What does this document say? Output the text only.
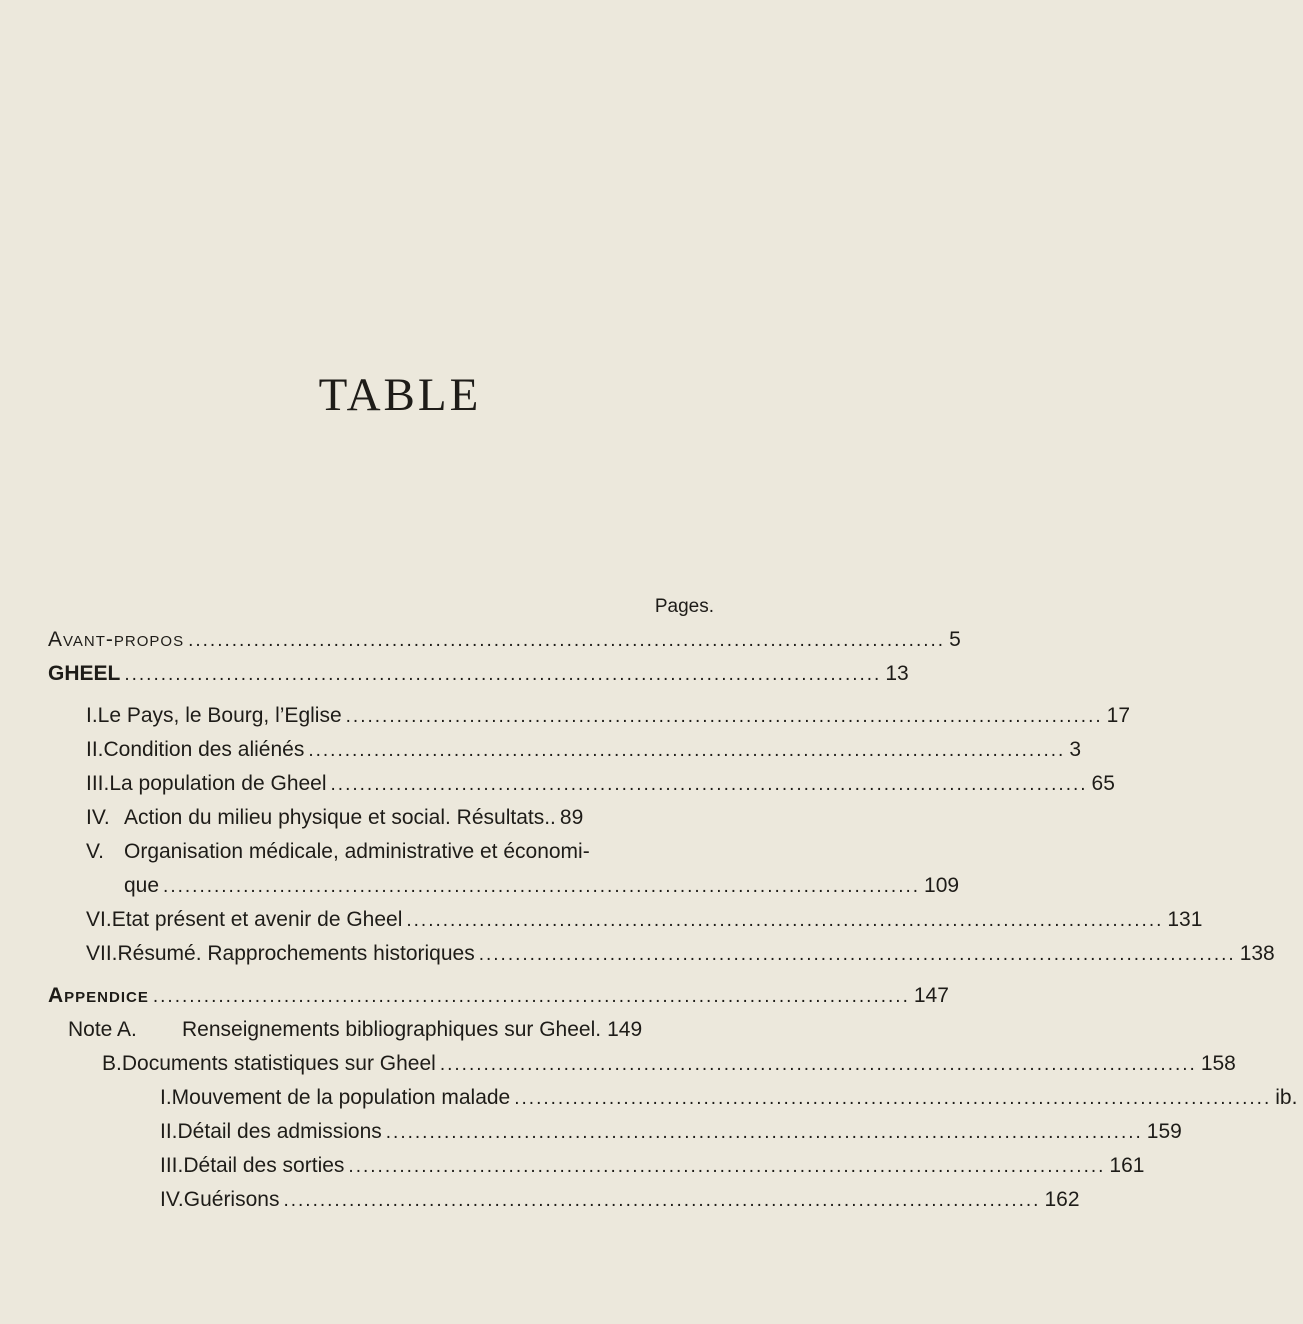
TABLE
Pages.
Avant-propos ........................................................................................................ 5
GHEEL ........................................................................................................ 13
I. Le Pays, le Bourg, l’Eglise ........................................................................................................ 17
II. Condition des aliénés ........................................................................................................ 3
III. La population de Gheel ........................................................................................................ 65
IV. Action du milieu physique et social. Résultats.. 89
V. Organisation médicale, administrative et économi-
que ........................................................................................................ 109
VI. Etat présent et avenir de Gheel ........................................................................................................ 131
VII. Résumé. Rapprochements historiques ........................................................................................................ 138
Appendice ........................................................................................................ 147
Note A.	Renseignements bibliographiques sur Gheel. 149
B. Documents statistiques sur Gheel ........................................................................................................ 158
I. Mouvement de la population malade ........................................................................................................ ib.
II. Détail des admissions ........................................................................................................ 159
III. Détail des sorties ........................................................................................................ 161
IV. Guérisons ........................................................................................................ 162
